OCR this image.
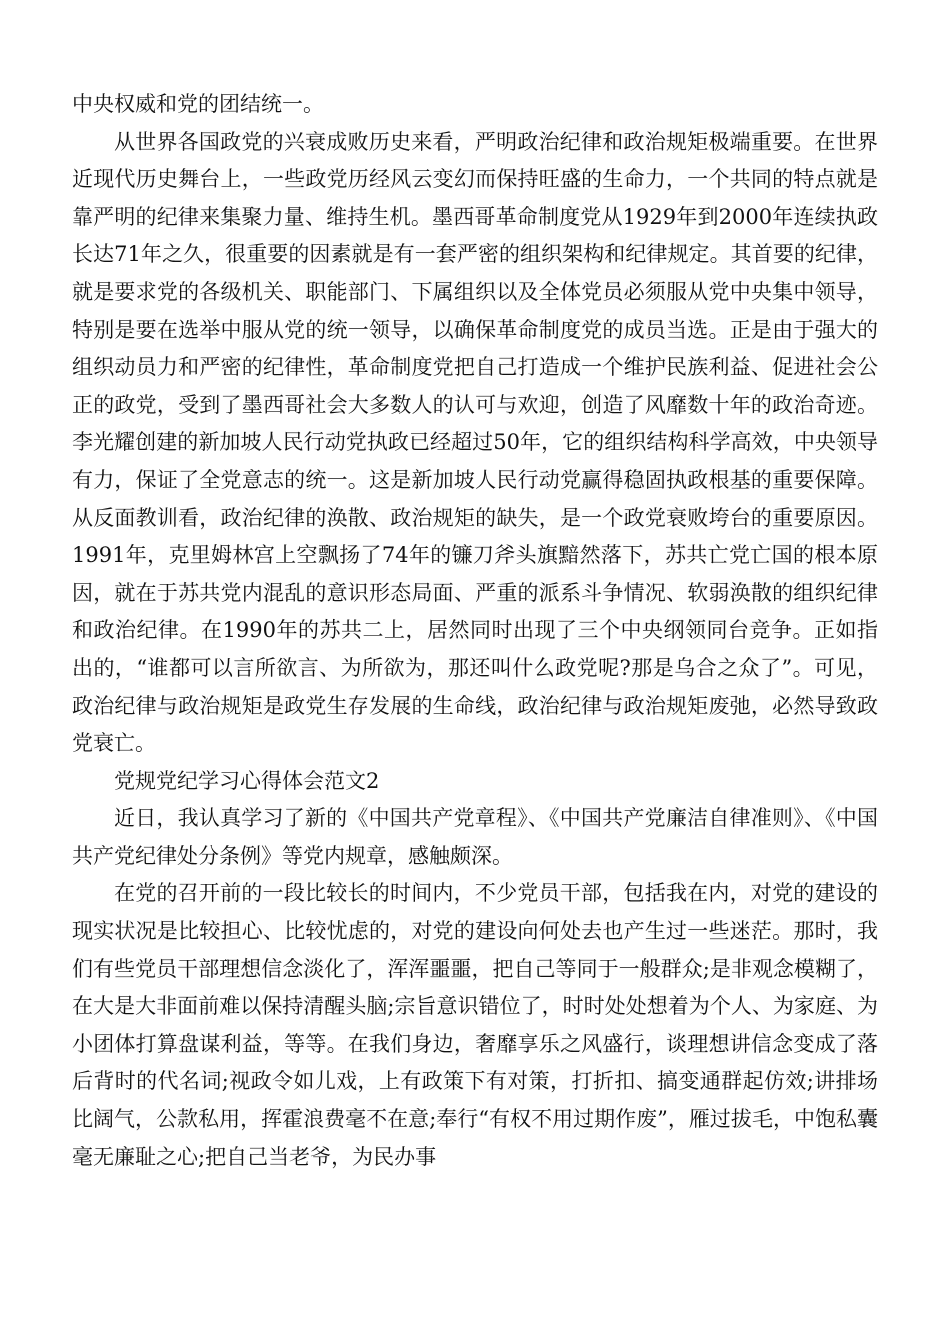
中央权威和党的团结统一。

从世界各国政党的兴衰成败历史来看，严明政治纪律和政治规矩极端重要。在世界近现代历史舞台上，一些政党历经风云变幻而保持旺盛的生命力，一个共同的特点就是靠严明的纪律来集聚力量、维持生机。墨西哥革命制度党从1929年到2000年连续执政长达71年之久，很重要的因素就是有一套严密的组织架构和纪律规定。其首要的纪律，就是要求党的各级机关、职能部门、下属组织以及全体党员必须服从党中央集中领导，特别是要在选举中服从党的统一领导，以确保革命制度党的成员当选。正是由于强大的组织动员力和严密的纪律性，革命制度党把自己打造成一个维护民族利益、促进社会公正的政党，受到了墨西哥社会大多数人的认可与欢迎，创造了风靡数十年的政治奇迹。李光耀创建的新加坡人民行动党执政已经超过50年，它的组织结构科学高效，中央领导有力，保证了全党意志的统一。这是新加坡人民行动党赢得稳固执政根基的重要保障。从反面教训看，政治纪律的涣散、政治规矩的缺失，是一个政党衰败垮台的重要原因。1991年，克里姆林宫上空飘扬了74年的镰刀斧头旗黯然落下，苏共亡党亡国的根本原因，就在于苏共党内混乱的意识形态局面、严重的派系斗争情况、软弱涣散的组织纪律和政治纪律。在1990年的苏共二上，居然同时出现了三个中央纲领同台竞争。正如指出的，“谁都可以言所欲言、为所欲为，那还叫什么政党呢?那是乌合之众了”。可见，政治纪律与政治规矩是政党生存发展的生命线，政治纪律与政治规矩废弛，必然导致政党衰亡。

党规党纪学习心得体会范文2

近日，我认真学习了新的《中国共产党章程》、《中国共产党廉洁自律准则》、《中国共产党纪律处分条例》等党内规章，感触颇深。

在党的召开前的一段比较长的时间内，不少党员干部，包括我在内，对党的建设的现实状况是比较担心、比较忧虑的，对党的建设向何处去也产生过一些迷茫。那时，我们有些党员干部理想信念淡化了，浑浑噩噩，把自己等同于一般群众;是非观念模糊了，在大是大非面前难以保持清醒头脑;宗旨意识错位了，时时处处想着为个人、为家庭、为小团体打算盘谋利益，等等。在我们身边，奢靡享乐之风盛行，谈理想讲信念变成了落后背时的代名词;视政令如儿戏，上有政策下有对策，打折扣、搞变通群起仿效;讲排场比阔气，公款私用，挥霍浪费毫不在意;奉行“有权不用过期作废”，雁过拔毛，中饱私囊毫无廉耻之心;把自己当老爷，为民办事
